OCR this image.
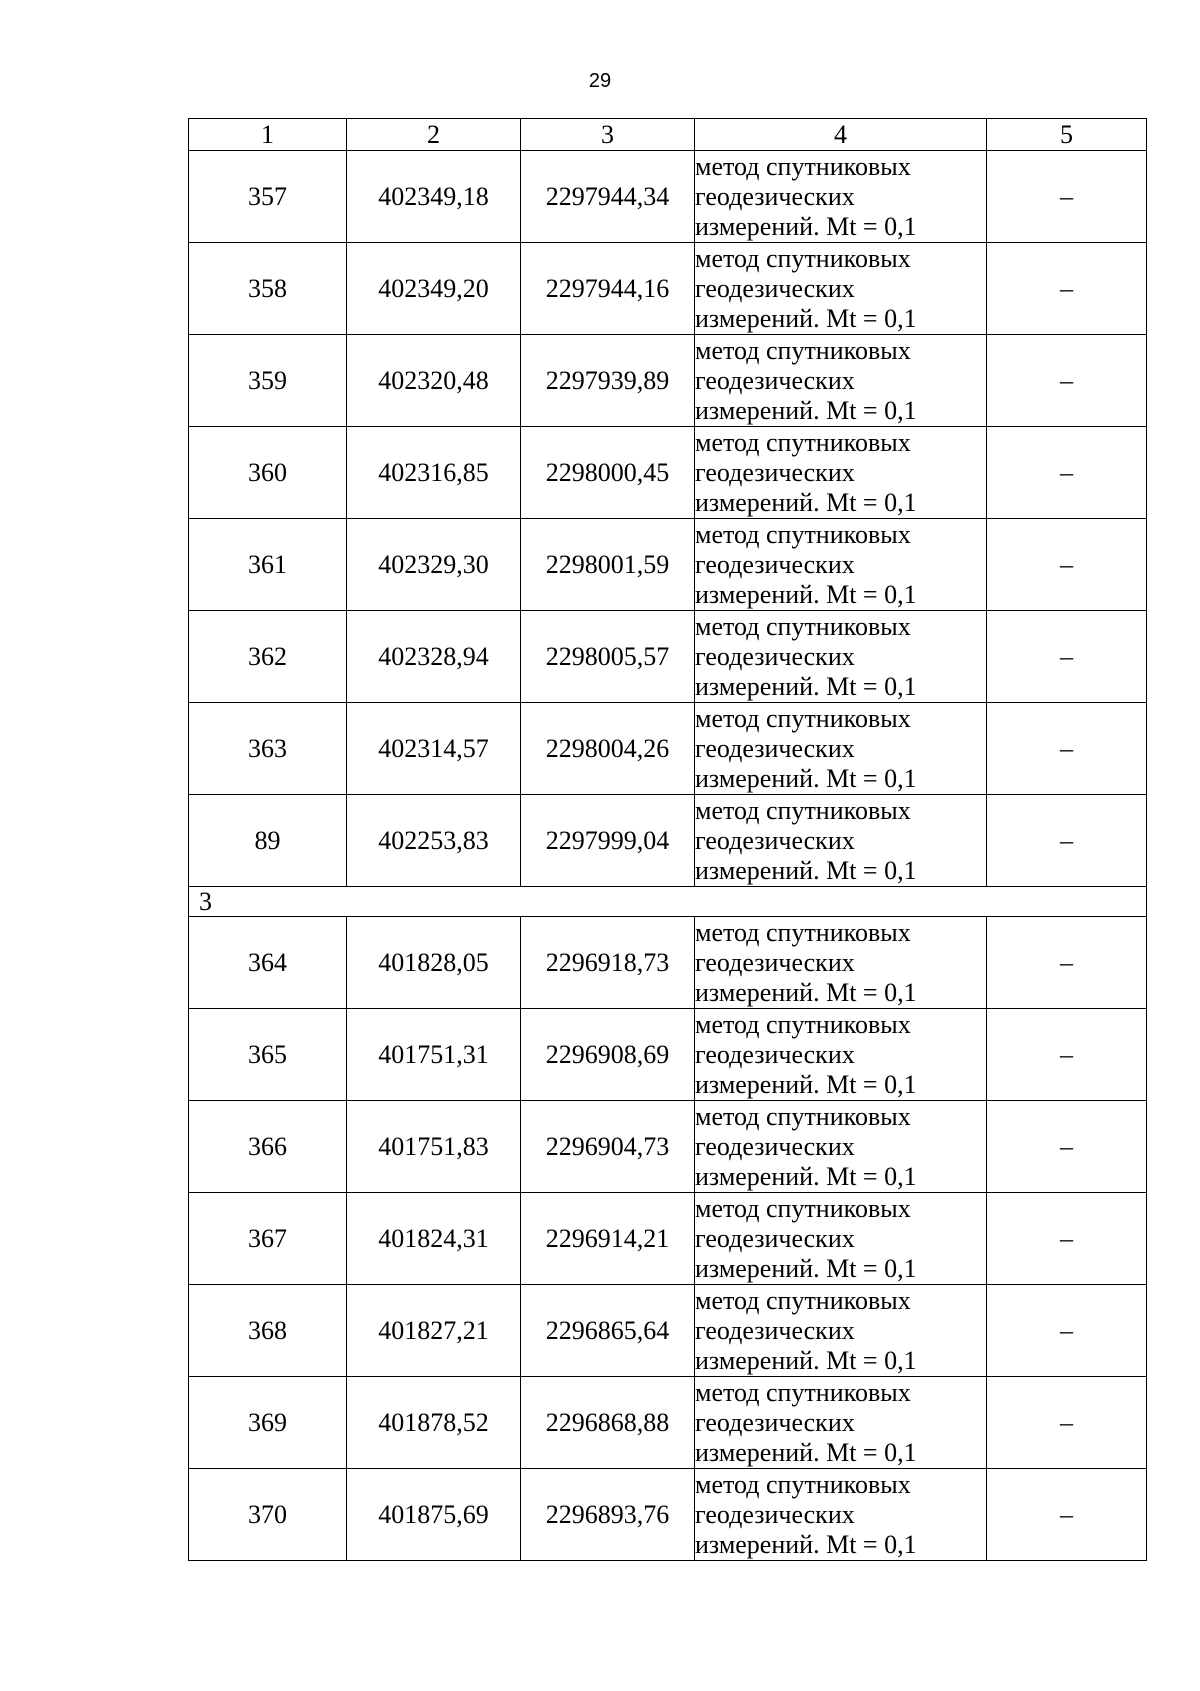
29
1	2	3	4	5
357	402349,18	2297944,34	метод спутниковых
геодезических
измерений. Mt = 0,1	–
358	402349,20	2297944,16	метод спутниковых
геодезических
измерений. Mt = 0,1	–
359	402320,48	2297939,89	метод спутниковых
геодезических
измерений. Mt = 0,1	–
360	402316,85	2298000,45	метод спутниковых
геодезических
измерений. Mt = 0,1	–
361	402329,30	2298001,59	метод спутниковых
геодезических
измерений. Mt = 0,1	–
362	402328,94	2298005,57	метод спутниковых
геодезических
измерений. Mt = 0,1	–
363	402314,57	2298004,26	метод спутниковых
геодезических
измерений. Mt = 0,1	–
89	402253,83	2297999,04	метод спутниковых
геодезических
измерений. Mt = 0,1	–
3				
364	401828,05	2296918,73	метод спутниковых
геодезических
измерений. Mt = 0,1	–
365	401751,31	2296908,69	метод спутниковых
геодезических
измерений. Mt = 0,1	–
366	401751,83	2296904,73	метод спутниковых
геодезических
измерений. Mt = 0,1	–
367	401824,31	2296914,21	метод спутниковых
геодезических
измерений. Mt = 0,1	–
368	401827,21	2296865,64	метод спутниковых
геодезических
измерений. Mt = 0,1	–
369	401878,52	2296868,88	метод спутниковых
геодезических
измерений. Mt = 0,1	–
370	401875,69	2296893,76	метод спутниковых
геодезических
измерений. Mt = 0,1	–
